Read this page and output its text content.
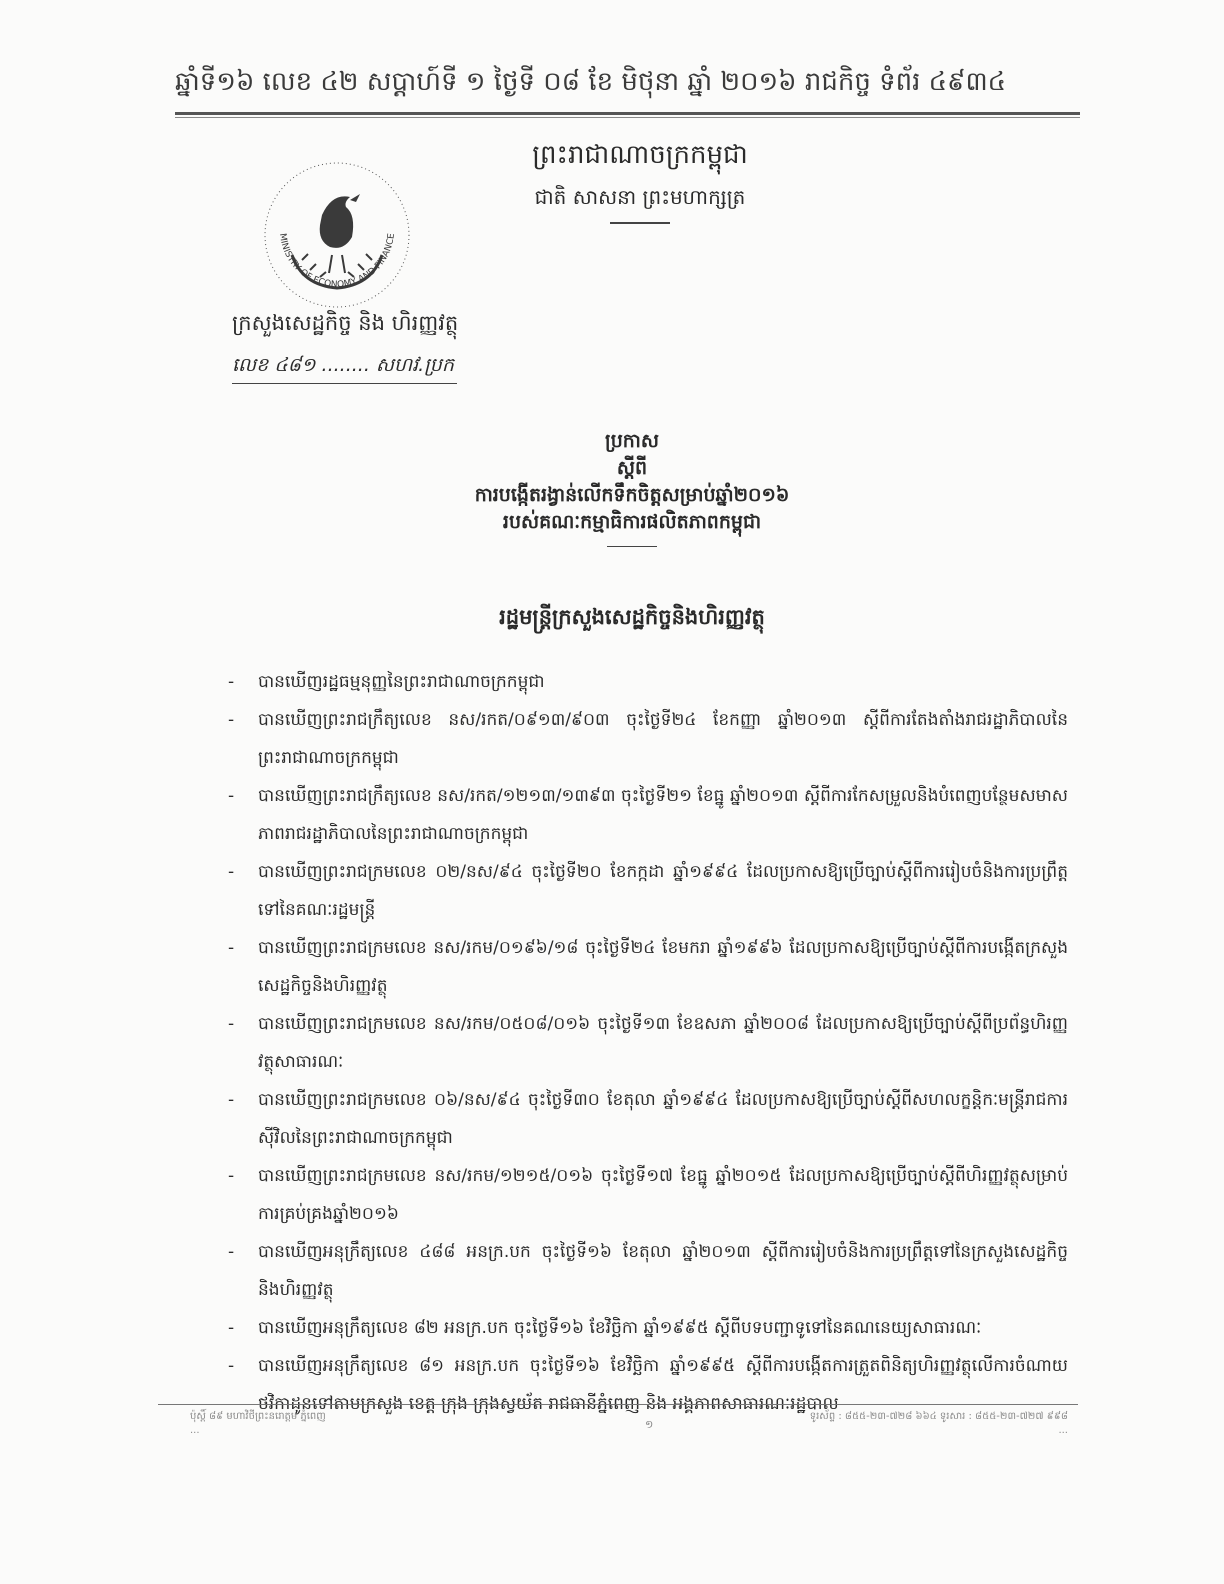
ឆ្នាំទី១៦ លេខ ៤២ សប្តាហ៍ទី ១ ថ្ងៃទី ០៨ ខែ មិថុនា ឆ្នាំ ២០១៦ រាជកិច្ច ទំព័រ ៤៩៣៤
ព្រះរាជាណាចក្រកម្ពុជា
ជាតិ សាសនា ព្រះមហាក្សត្រ
MINISTRY OF ECONOMY AND FINANCE
ក្រសួងសេដ្ឋកិច្ច និង ហិរញ្ញវត្ថុ
លេខ ៤៨១ ........ សហវ.ប្រក
ប្រកាស
ស្តីពី
ការបង្កើតរង្វាន់លើកទឹកចិត្តសម្រាប់ឆ្នាំ២០១៦
របស់គណៈកម្មាធិការផលិតភាពកម្ពុជា
រដ្ឋមន្ត្រីក្រសួងសេដ្ឋកិច្ចនិងហិរញ្ញវត្ថុ
-	បានឃើញរដ្ឋធម្មនុញ្ញនៃព្រះរាជាណាចក្រកម្ពុជា
-	បានឃើញព្រះរាជក្រឹត្យលេខ នស/រកត/០៩១៣/៩០៣ ចុះថ្ងៃទី២៤ ខែកញ្ញា ឆ្នាំ២០១៣ ស្តីពីការតែងតាំងរាជរដ្ឋាភិបាលនៃព្រះរាជាណាចក្រកម្ពុជា
-	បានឃើញព្រះរាជក្រឹត្យលេខ នស/រកត/១២១៣/១៣៩៣ ចុះថ្ងៃទី២១ ខែធ្នូ ឆ្នាំ២០១៣ ស្តីពីការកែសម្រួលនិងបំពេញបន្ថែមសមាសភាពរាជរដ្ឋាភិបាលនៃព្រះរាជាណាចក្រកម្ពុជា
-	បានឃើញព្រះរាជក្រមលេខ ០២/នស/៩៤ ចុះថ្ងៃទី២០ ខែកក្កដា ឆ្នាំ១៩៩៤ ដែលប្រកាសឱ្យប្រើច្បាប់ស្តីពីការរៀបចំនិងការប្រព្រឹត្តទៅនៃគណៈរដ្ឋមន្ត្រី
-	បានឃើញព្រះរាជក្រមលេខ នស/រកម/០១៩៦/១៨ ចុះថ្ងៃទី២៤ ខែមករា ឆ្នាំ១៩៩៦ ដែលប្រកាសឱ្យប្រើច្បាប់ស្តីពីការបង្កើតក្រសួងសេដ្ឋកិច្ចនិងហិរញ្ញវត្ថុ
-	បានឃើញព្រះរាជក្រមលេខ នស/រកម/០៥០៨/០១៦ ចុះថ្ងៃទី១៣ ខែឧសភា ឆ្នាំ២០០៨ ដែលប្រកាសឱ្យប្រើច្បាប់ស្តីពីប្រព័ន្ធហិរញ្ញវត្ថុសាធារណៈ
-	បានឃើញព្រះរាជក្រមលេខ ០៦/នស/៩៤ ចុះថ្ងៃទី៣០ ខែតុលា ឆ្នាំ១៩៩៤ ដែលប្រកាសឱ្យប្រើច្បាប់ស្តីពីសហលក្ខន្តិកៈមន្ត្រីរាជការស៊ីវិលនៃព្រះរាជាណាចក្រកម្ពុជា
-	បានឃើញព្រះរាជក្រមលេខ នស/រកម/១២១៥/០១៦ ចុះថ្ងៃទី១៧ ខែធ្នូ ឆ្នាំ២០១៥ ដែលប្រកាសឱ្យប្រើច្បាប់ស្តីពីហិរញ្ញវត្ថុសម្រាប់ការគ្រប់គ្រងឆ្នាំ២០១៦
-	បានឃើញអនុក្រឹត្យលេខ ៤៨៨ អនក្រ.បក ចុះថ្ងៃទី១៦ ខែតុលា ឆ្នាំ២០១៣ ស្តីពីការរៀបចំនិងការប្រព្រឹត្តទៅនៃក្រសួងសេដ្ឋកិច្ចនិងហិរញ្ញវត្ថុ
-	បានឃើញអនុក្រឹត្យលេខ ៨២ អនក្រ.បក ចុះថ្ងៃទី១៦ ខែវិច្ឆិកា ឆ្នាំ១៩៩៥ ស្តីពីបទបញ្ជាទូទៅនៃគណនេយ្យសាធារណៈ
-	បានឃើញអនុក្រឹត្យលេខ ៨១ អនក្រ.បក ចុះថ្ងៃទី១៦ ខែវិច្ឆិកា ឆ្នាំ១៩៩៥ ស្តីពីការបង្កើតការត្រួតពិនិត្យហិរញ្ញវត្ថុលើការចំណាយថវិកាដូនទៅតាមក្រសួង ខេត្ត ក្រុង ក្រុងស្វយ័ត រាជធានីភ្នំពេញ និង អង្គភាពសាធារណៈរដ្ឋបាល
ប៉ុស្តិ៍ ៨៩ មហាវិថីព្រះនរោត្តម ភ្នំពេញ
...	១
ទូរស័ព្ទ : ៨៥៥-២៣-៧២៨ ៦៦៤ ទូរសារ : ៨៥៥-២៣-៧២៧ ៩៩៨
...
